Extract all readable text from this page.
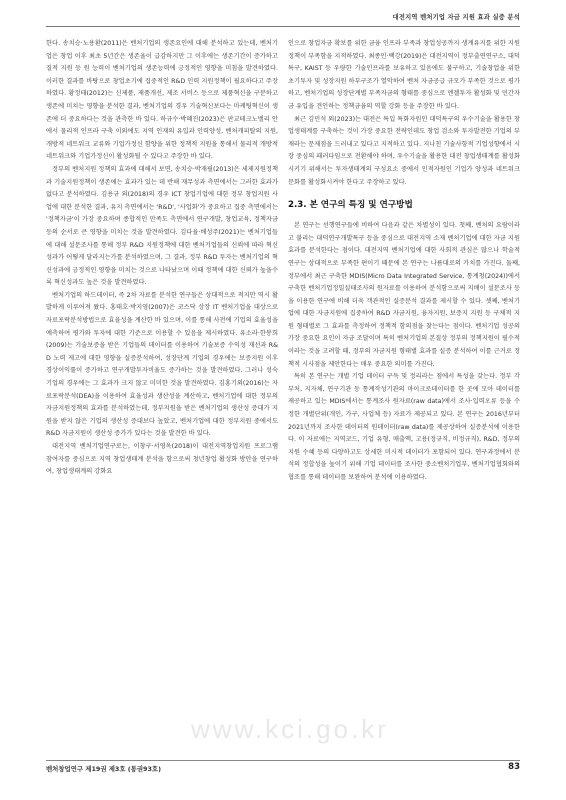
대전지역 벤처기업 자금 지원 효과 실증 분석

한다. 송치승·노용환(2011)은 벤처기업의 생존요인에 대해 분석하고 있는데, 벤처기업은 창업 이후 최초 5년간은 생존율이 급감하지만 그 이후에는 생존기간이 증가하고 질적 지원 등 원 능력이 벤처기업의 생존능력에 긍정적인 영향을 미침을 발견하였다. 이러한 결과를 바탕으로 창업초기에 집중적인 R&D 인력 지원정책이 필요하다고 주장하였다. 황정태(2012)는 신제품, 제품개선, 제조 서비스 등으로 제품혁신을 구분하고 생존에 미치는 영향을 분석한 결과, 벤처기업의 경우 기술혁신보다는 마케팅혁신이 생존에 더 중요하다는 것을 관측한 바 있다. 하규수·박혜진(2023)은 판교테크노밸리 안에서 물리적 인프라 구축 이외에도 지역 인재의 유입과 인력양성, 벤처캐피탈의 지원, 개방적 네트워크 교류와 기업가정신 함양을 위한 정책적 지원을 통해서 물리적 개방적 네트워크와 기업가정신이 활성화될 수 있다고 주장한 바 있다.

정부의 벤처지원 정책의 효과에 대해서 보면, 송치승·박재필(2013)은 세제지원정책과 기술지원정책이 생존에는 효과가 있는 데 반해 재무성과 측면에서는 그러한 효과가 없다고 분석하였다. 김용규 외(2018)의 경우 ICT 창업기업에 대한 정부 창업지원 사업에 대한 분석한 결과, 유지 측면에서는 'R&D', '사업화'가 중요하고 집중 측면에서는 '정책자금'이 가장 중요하며 종합적인 만족도 측면에서 연구개발, 창업교육, 정책자금 등의 순서로 큰 영향을 미치는 것을 발견하였다. 김다율·배성주(2021)는 벤처기업들에 대해 설문조사를 통해 정부 R&D 지원정책에 대한 벤처기업들의 신뢰에 따라 혁신성과가 어떻게 달라지는가를 분석하였으며, 그 결과, 정부 R&D 투자는 벤처기업의 혁신성과에 긍정적인 영향을 미치는 것으로 나타났으며 이때 정책에 대한 신뢰가 높을수록 혁신성과도 높은 것을 발견하였다.

벤처기업의 하드데이터, 즉 2차 자료를 분석한 연구들은 상대적으로 적지만 역시 활발하게 이루어져 왔다. 홍태호·박지영(2007)은 코스닥 상장 IT 벤처기업을 대상으로 자료포락분석방법으로 효율성을 계산한 바 있으며, 이를 통해 사전에 기업의 효율성을 예측하여 평가와 투자에 대한 기준으로 이용할 수 있음을 제시하였다. 유소라·한봉희(2009)는 기술보증을 받은 기업들의 데이터를 이용하여 기술보증 수익성 재선과 R&D 노력 제고에 대한 영향을 실증분석하여, 성장단계 기업의 경우에는 보증지원 이후 경상이익률이 증가하고 연구개발투자비율도 증가하는 것을 발견하였다. 그러나 성숙기업의 경우에는 그 효과가 크지 않고 미미한 것을 발견하였다. 김홍기외(2016)는 자료포락분석(DEA)을 이용하여 효율성과 생산성을 계산하고, 벤처기업에 대한 정부의 자금지원정책의 효과를 분석하였는데, 정부지원을 받은 벤처기업의 생산성 증대가 지원을 받지 않은 기업의 생산성 증대보다 높았고, 벤처기업에 대한 정부지원 중에서도 R&D 자금지원이 생산성 증가가 있다는 것을 발견한 바 있다.

대전지역 벤처기업연구로는, 이창구·서영옥(2018)이 대전지역창업지원 프로그램 참여자를 중심으로 지역 창업생태계 분석을 함으로써 청년창업 활성화 방안을 연구하여, 창업생태계의 강화요

인으로 창업자금 확보를 위한 금융 인프라 부족과 창업성공까지 생계유지를 위한 지원정책이 부족함을 지적하였다. 최종인·백강(2019)은 대전지역이 정부출연연구소, 대덕특구, KAIST 등 우량한 기술인프라를 보유하고 있음에도 불구하고, 기술창업을 위한 초기투자 및 성장지원 하부구조가 열악하여 벤처 자금공급 규모가 부족한 것으로 평가하고, 벤처기업의 성장단계별 부족자금의 형태를 중심으로 엔젤투자 활성화 및 민간자금 유입을 견인하는 정책금융의 역할 강화 등을 주장한 바 있다.

최근 김민석 외(2023)는 대전은 특입 특화자원인 대덕특구의 우수기술을 활용한 창업생태계를 구축하는 것이 가장 중요한 전략인데도 창업 검소와 투자발전한 기업의 부재라는 문제점을 드러내고 있다고 지적하고 있다. 지나친 기술사항적 기업성향에서 시장 중심의 패러다임으로 전환해야 하며, 우수기술을 활용한 대전 창업생태계를 활성화시키기 위해서는 투자생태계의 구성요소 중에서 인적자원인 기업가 양성과 네트워크 문화를 활성화시켜야 한다고 주장하고 있다.

2.3. 본 연구의 특징 및 연구방법

본 연구는 선행연구들에 비하여 다음과 같은 차별성이 있다. 첫째, 벤처의 요람이라고 불리는 대덕연구개발특구 등을 중심으로 대전지역 소재 벤처기업에 대한 자금 지원효과를 분석한다는 점이다. 대전지역 벤처기업에 대한 사회적 관심은 많으나 학술적 연구는 상대적으로 부족한 편이기 때문에 본 연구는 나름대로의 가치를 가진다. 둘째, 정부에서 최근 구축한 MDIS(Micro Data Integrated Service, 통계청(2024))에서 구축한 벤처기업정밀실태조사의 원자료를 이용하여 분석함으로써 지배이 설문조사 등을 이용한 연구에 비해 더욱 객관적인 실증분석 결과를 제시할 수 있다. 셋째, 벤처기업에 대한 자금지원에 집중하여 R&D 자금지원, 융자지원, 보증지 지원 등 구체적 지원 형태별로 그 효과를 측정하여 정책적 함의점을 찾는다는 점이다. 벤처기업 성공의 가장 중요한 요인이 자금 조달이며 특히 벤처기업의 본질상 정부의 정책지원이 필수적이라는 것을 고려할 때, 정부의 자금지원 형태별 효과를 실증 분석하여 이를 근거로 정책적 시사점을 제안한다는 매우 중요한 의미를 가진다.

특히 본 연구는 개별 기업 데이터 구득 및 정리라는 점에서 특성을 갖는다. 정부 각 부처, 지자체, 연구기관 등 통계작성기관의 마이크로데이터를 한 곳에 모아 데이터를 제공하고 있는 MDIS에서는 통계조사 원자료(raw data)에서 조사·입력오류 등을 수정한 개별단위(개인, 가구, 사업체 등) 자료가 제공되고 있다. 본 연구는 2016년부터 2021년까지 조사한 데이터의 원데이터(raw data)를 제공상하여 실증분석에 이용한다. 이 자료에는 지역코드, 기업 유형, 매출액, 고용(정규직, 비정규직), R&D, 정부의 지원 수혜 등의 다양하고도 상세한 미시적 데이터가 포함되어 있다. 연구과정에서 분석의 정합성을 높이기 위해 기업 데이터를 조사한 중소벤처기업부, 벤처기업협회와의 협조를 통해 데이터를 보완하여 분석에 이용하였다.

www.kci.go.kr
벤처창업연구 제19권 제3호 (통권93호)	83
